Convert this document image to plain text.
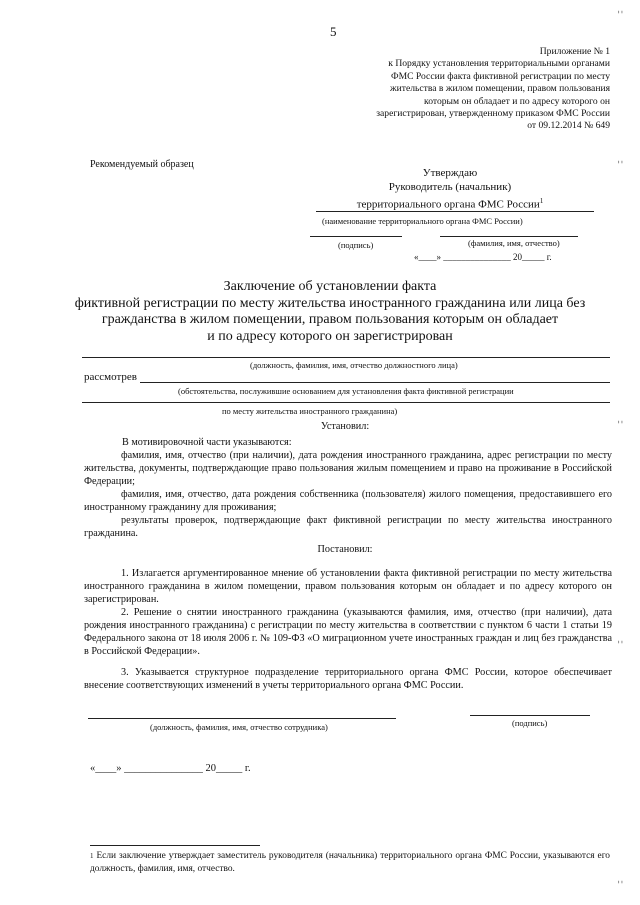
5
Приложение № 1
к Порядку установления территориальными органами
ФМС России факта фиктивной регистрации по месту
жительства в жилом помещении, правом пользования
которым он обладает и по адресу которого он
зарегистрирован, утвержденному приказом ФМС России
от 09.12.2014 № 649
Рекомендуемый образец
Утверждаю
Руководитель (начальник)
территориального органа ФМС России$^1$
(наименование территориального органа ФМС России)
(подпись)	(фамилия, имя, отчество)
«____» _______________ 20_____ г.
Заключение об установлении факта
фиктивной регистрации по месту жительства иностранного гражданина или лица без
гражданства в жилом помещении, правом пользования которым он обладает
и по адресу которого он зарегистрирован
(должность, фамилия, имя, отчество должностного лица)
рассмотрев
(обстоятельства, послужившие основанием для установления факта фиктивной регистрации
по месту жительства иностранного гражданина)
Установил:
В мотивировочной части указываются:
фамилия, имя, отчество (при наличии), дата рождения иностранного гражданина, адрес регистрации по месту жительства, документы, подтверждающие право пользования жилым помещением и право на проживание в Российской Федерации;
фамилия, имя, отчество, дата рождения собственника (пользователя) жилого помещения, предоставившего его иностранному гражданину для проживания;
результаты проверок, подтверждающие факт фиктивной регистрации по месту жительства иностранного гражданина.
Постановил:
1. Излагается аргументированное мнение об установлении факта фиктивной регистрации по месту жительства иностранного гражданина в жилом помещении, правом пользования которым он обладает и по адресу которого он зарегистрирован.
2. Решение о снятии иностранного гражданина (указываются фамилия, имя, отчество (при наличии), дата рождения иностранного гражданина) с регистрации по месту жительства в соответствии с пунктом 6 части 1 статьи 19 Федерального закона от 18 июля 2006 г. № 109-ФЗ «О миграционном учете иностранных граждан и лиц без гражданства в Российской Федерации».
3. Указывается структурное подразделение территориального органа ФМС России, которое обеспечивает внесение соответствующих изменений в учеты территориального органа ФМС России.
(должность, фамилия, имя, отчество сотрудника)	(подпись)
«____» _______________ 20_____ г.
$^1$ Если заключение утверждает заместитель руководителя (начальника) территориального органа ФМС России, указываются его должность, фамилия, имя, отчество.
::
::
::
::
::
